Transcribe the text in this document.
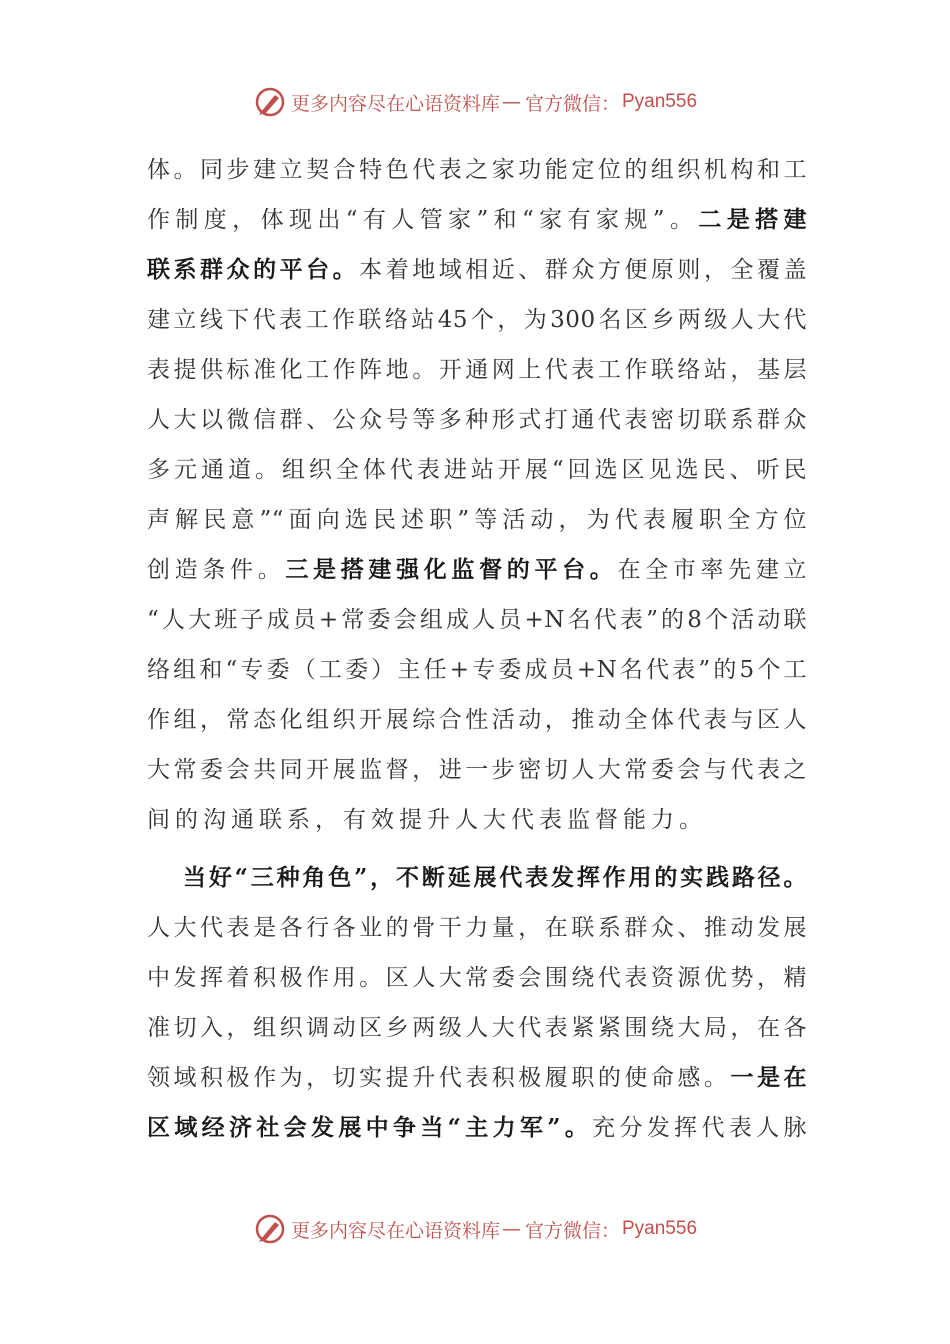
更多内容尽在心语资料库 — 官方微信： Pyan556
体。同步建立契合特色代表之家功能定位的组织机构和工
作制度，体现出“有人管家”和“家有家规”。二是搭建
联系群众的平台。本着地域相近、群众方便原则，全覆盖
建立线下代表工作联络站45个，为300名区乡两级人大代
表提供标准化工作阵地。开通网上代表工作联络站，基层
人大以微信群、公众号等多种形式打通代表密切联系群众
多元通道。组织全体代表进站开展“回选区见选民、听民
声解民意”“面向选民述职”等活动，为代表履职全方位
创造条件。三是搭建强化监督的平台。在全市率先建立
“人大班子成员+常委会组成人员+N名代表”的8个活动联
络组和“专委（工委）主任+专委成员+N名代表”的5个工
作组，常态化组织开展综合性活动，推动全体代表与区人
大常委会共同开展监督，进一步密切人大常委会与代表之
间的沟通联系，有效提升人大代表监督能力。
当好“三种角色”，不断延展代表发挥作用的实践路径。
人大代表是各行各业的骨干力量，在联系群众、推动发展
中发挥着积极作用。区人大常委会围绕代表资源优势，精
准切入，组织调动区乡两级人大代表紧紧围绕大局，在各
领域积极作为，切实提升代表积极履职的使命感。一是在
区域经济社会发展中争当“主力军”。充分发挥代表人脉
更多内容尽在心语资料库 — 官方微信： Pyan556
